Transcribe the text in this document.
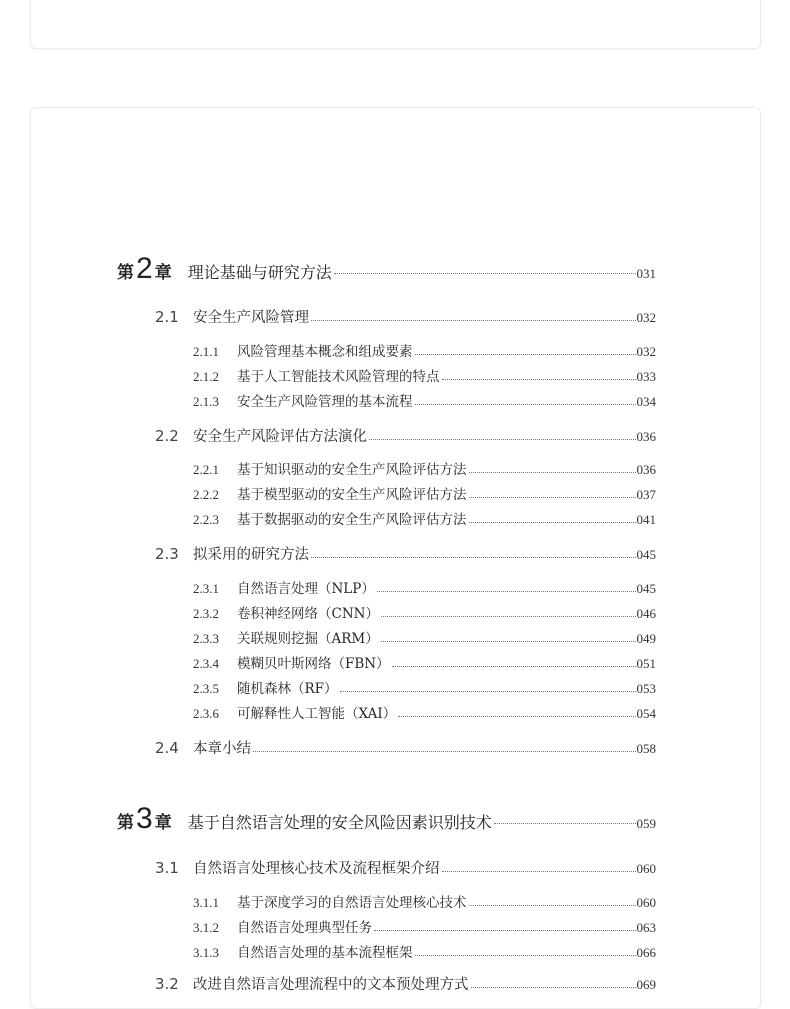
第 2 章 理论基础与研究方法	031
2.1 安全生产风险管理	032
2.1.1	风险管理基本概念和组成要素	032
2.1.2	基于人工智能技术风险管理的特点	033
2.1.3	安全生产风险管理的基本流程	034
2.2 安全生产风险评估方法演化	036
2.2.1	基于知识驱动的安全生产风险评估方法	036
2.2.2	基于模型驱动的安全生产风险评估方法	037
2.2.3	基于数据驱动的安全生产风险评估方法	041
2.3 拟采用的研究方法	045
2.3.1	自然语言处理（NLP）	045
2.3.2	卷积神经网络（CNN）	046
2.3.3	关联规则挖掘（ARM）	049
2.3.4	模糊贝叶斯网络（FBN）	051
2.3.5	随机森林（RF）	053
2.3.6	可解释性人工智能（XAI）	054
2.4 本章小结	058
第 3 章 基于自然语言处理的安全风险因素识别技术	059
3.1 自然语言处理核心技术及流程框架介绍	060
3.1.1	基于深度学习的自然语言处理核心技术	060
3.1.2	自然语言处理典型任务	063
3.1.3	自然语言处理的基本流程框架	066
3.2 改进自然语言处理流程中的文本预处理方式	069
